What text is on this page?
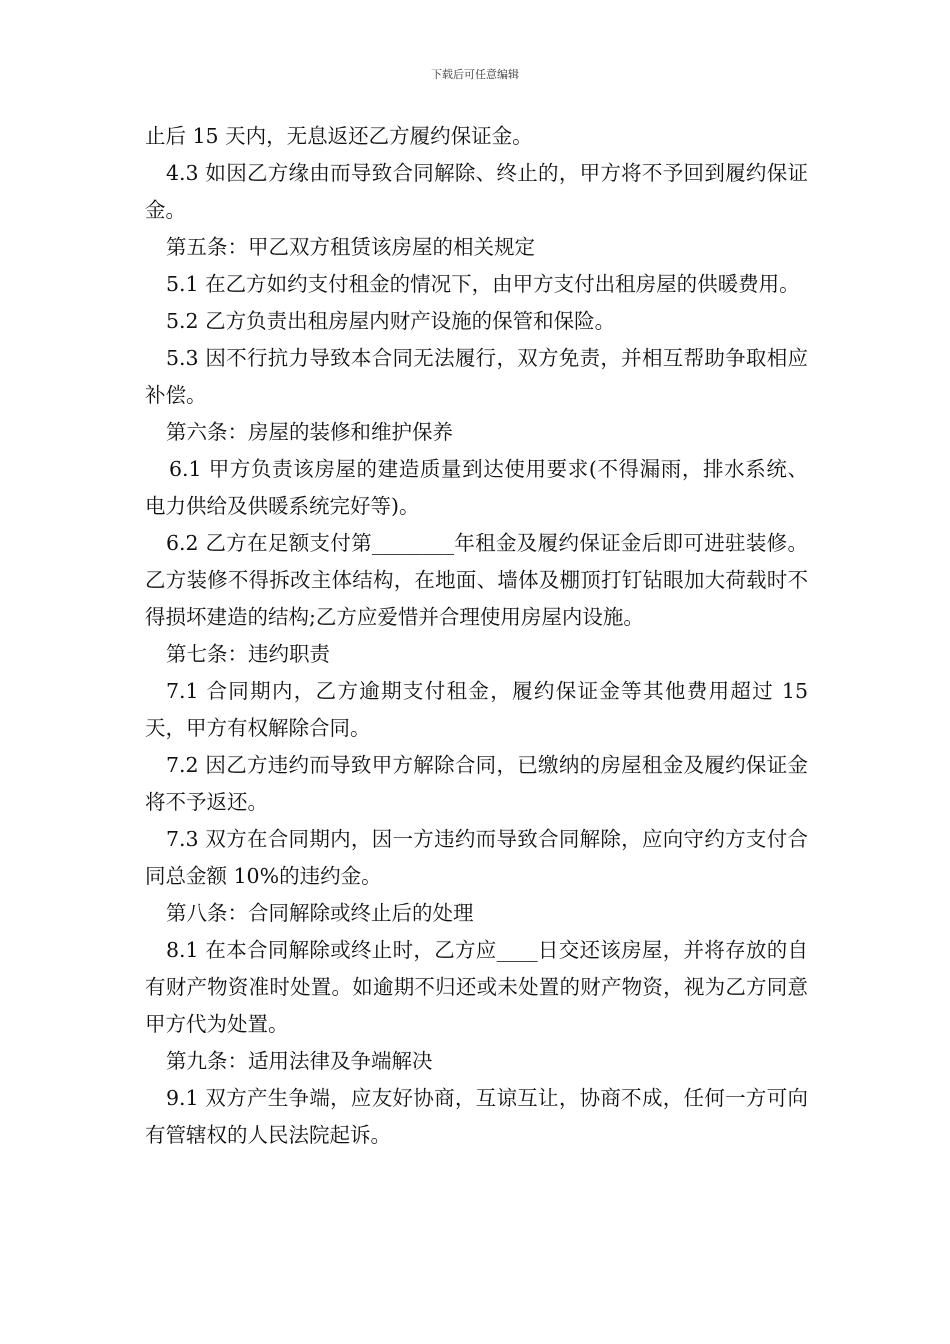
下载后可任意编辑

止后 15 天内，无息返还乙方履约保证金。

4.3 如因乙方缘由而导致合同解除、终止的，甲方将不予回到履约保证金。

第五条：甲乙双方租赁该房屋的相关规定

5.1 在乙方如约支付租金的情况下，由甲方支付出租房屋的供暖费用。

5.2 乙方负责出租房屋内财产设施的保管和保险。

5.3 因不行抗力导致本合同无法履行，双方免责，并相互帮助争取相应补偿。

第六条：房屋的装修和维护保养

6.1 甲方负责该房屋的建造质量到达使用要求(不得漏雨，排水系统、电力供给及供暖系统完好等)。

6.2 乙方在足额支付第________年租金及履约保证金后即可进驻装修。乙方装修不得拆改主体结构，在地面、墙体及棚顶打钉钻眼加大荷载时不得损坏建造的结构;乙方应爱惜并合理使用房屋内设施。

第七条：违约职责

7.1 合同期内，乙方逾期支付租金，履约保证金等其他费用超过 15 天，甲方有权解除合同。

7.2 因乙方违约而导致甲方解除合同，已缴纳的房屋租金及履约保证金将不予返还。

7.3 双方在合同期内，因一方违约而导致合同解除，应向守约方支付合同总金额 10%的违约金。

第八条：合同解除或终止后的处理

8.1 在本合同解除或终止时，乙方应____日交还该房屋，并将存放的自有财产物资准时处置。如逾期不归还或未处置的财产物资，视为乙方同意甲方代为处置。

第九条：适用法律及争端解决

9.1 双方产生争端，应友好协商，互谅互让，协商不成，任何一方可向有管辖权的人民法院起诉。
